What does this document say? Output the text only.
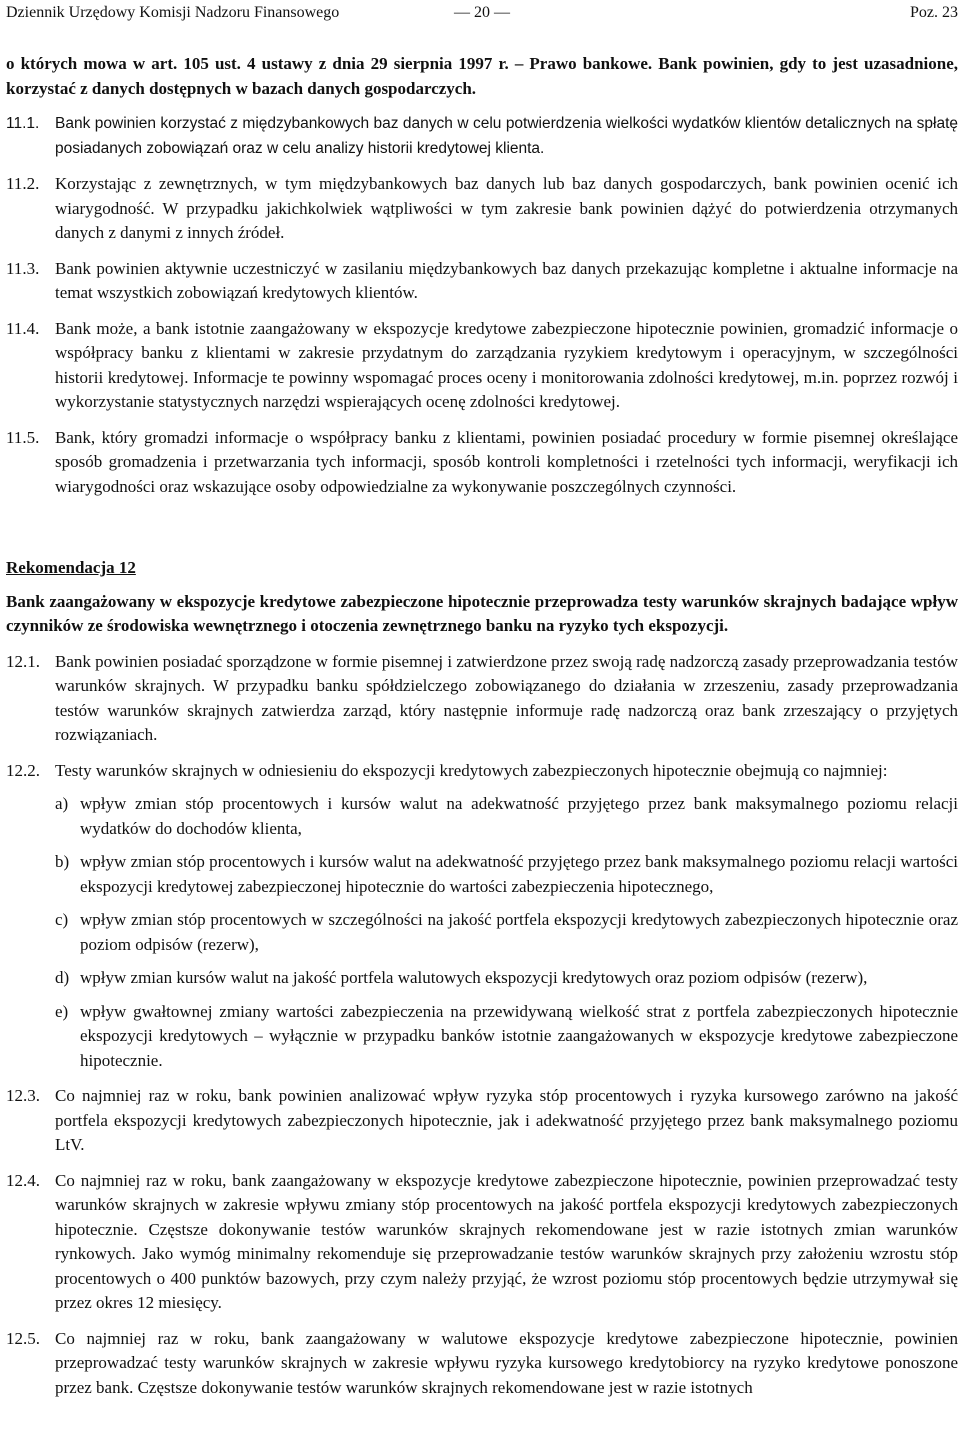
Dziennik Urzędowy Komisji Nadzoru Finansowego	— 20 —	Poz. 23

o których mowa w art. 105 ust. 4 ustawy z dnia 29 sierpnia 1997 r. – Prawo bankowe. Bank powinien, gdy to jest uzasadnione, korzystać z danych dostępnych w bazach danych gospodarczych.

11.1.	Bank powinien korzystać z międzybankowych baz danych w celu potwierdzenia wielkości wydatków klientów detalicznych na spłatę posiadanych zobowiązań oraz w celu analizy historii kredytowej klienta.
11.2. Korzystając z zewnętrznych, w tym międzybankowych baz danych lub baz danych gospodarczych, bank powinien ocenić ich wiarygodność. W przypadku jakichkolwiek wątpliwości w tym zakresie bank powinien dążyć do potwierdzenia otrzymanych danych z danymi z innych źródeł.
11.3. Bank powinien aktywnie uczestniczyć w zasilaniu międzybankowych baz danych przekazując kompletne i aktualne informacje na temat wszystkich zobowiązań kredytowych klientów.
11.4. Bank może, a bank istotnie zaangażowany w ekspozycje kredytowe zabezpieczone hipotecznie powinien, gromadzić informacje o współpracy banku z klientami w zakresie przydatnym do zarządzania ryzykiem kredytowym i operacyjnym, w szczególności historii kredytowej. Informacje te powinny wspomagać proces oceny i monitorowania zdolności kredytowej, m.in. poprzez rozwój i wykorzystanie statystycznych narzędzi wspierających ocenę zdolności kredytowej.
11.5. Bank, który gromadzi informacje o współpracy banku z klientami, powinien posiadać procedury w formie pisemnej określające sposób gromadzenia i przetwarzania tych informacji, sposób kontroli kompletności i rzetelności tych informacji, weryfikacji ich wiarygodności oraz wskazujące osoby odpowiedzialne za wykonywanie poszczególnych czynności.
Rekomendacja 12

Bank zaangażowany w ekspozycje kredytowe zabezpieczone hipotecznie przeprowadza testy warunków skrajnych badające wpływ czynników ze środowiska wewnętrznego i otoczenia zewnętrznego banku na ryzyko tych ekspozycji.

12.1. Bank powinien posiadać sporządzone w formie pisemnej i zatwierdzone przez swoją radę nadzorczą zasady przeprowadzania testów warunków skrajnych. W przypadku banku spółdzielczego zobowiązanego do działania w zrzeszeniu, zasady przeprowadzania testów warunków skrajnych zatwierdza zarząd, który następnie informuje radę nadzorczą oraz bank zrzeszający o przyjętych rozwiązaniach.
12.2. Testy warunków skrajnych w odniesieniu do ekspozycji kredytowych zabezpieczonych hipotecznie obejmują co najmniej:
a) wpływ zmian stóp procentowych i kursów walut na adekwatność przyjętego przez bank maksymalnego poziomu relacji wydatków do dochodów klienta,
b) wpływ zmian stóp procentowych i kursów walut na adekwatność przyjętego przez bank maksymalnego poziomu relacji wartości ekspozycji kredytowej zabezpieczonej hipotecznie do wartości zabezpieczenia hipotecznego,
c) wpływ zmian stóp procentowych w szczególności na jakość portfela ekspozycji kredytowych zabezpieczonych hipotecznie oraz poziom odpisów (rezerw),
d) wpływ zmian kursów walut na jakość portfela walutowych ekspozycji kredytowych oraz poziom odpisów (rezerw),
e) wpływ gwałtownej zmiany wartości zabezpieczenia na przewidywaną wielkość strat z portfela zabezpieczonych hipotecznie ekspozycji kredytowych – wyłącznie w przypadku banków istotnie zaangażowanych w ekspozycje kredytowe zabezpieczone hipotecznie.
12.3. Co najmniej raz w roku, bank powinien analizować wpływ ryzyka stóp procentowych i ryzyka kursowego zarówno na jakość portfela ekspozycji kredytowych zabezpieczonych hipotecznie, jak i adekwatność przyjętego przez bank maksymalnego poziomu LtV.
12.4. Co najmniej raz w roku, bank zaangażowany w ekspozycje kredytowe zabezpieczone hipotecznie, powinien przeprowadzać testy warunków skrajnych w zakresie wpływu zmiany stóp procentowych na jakość portfela ekspozycji kredytowych zabezpieczonych hipotecznie. Częstsze dokonywanie testów warunków skrajnych rekomendowane jest w razie istotnych zmian warunków rynkowych. Jako wymóg minimalny rekomenduje się przeprowadzanie testów warunków skrajnych przy założeniu wzrostu stóp procentowych o 400 punktów bazowych, przy czym należy przyjąć, że wzrost poziomu stóp procentowych będzie utrzymywał się przez okres 12 miesięcy.
12.5. Co najmniej raz w roku, bank zaangażowany w walutowe ekspozycje kredytowe zabezpieczone hipotecznie, powinien przeprowadzać testy warunków skrajnych w zakresie wpływu ryzyka kursowego kredytobiorcy na ryzyko kredytowe ponoszone przez bank. Częstsze dokonywanie testów warunków skrajnych rekomendowane jest w razie istotnych
